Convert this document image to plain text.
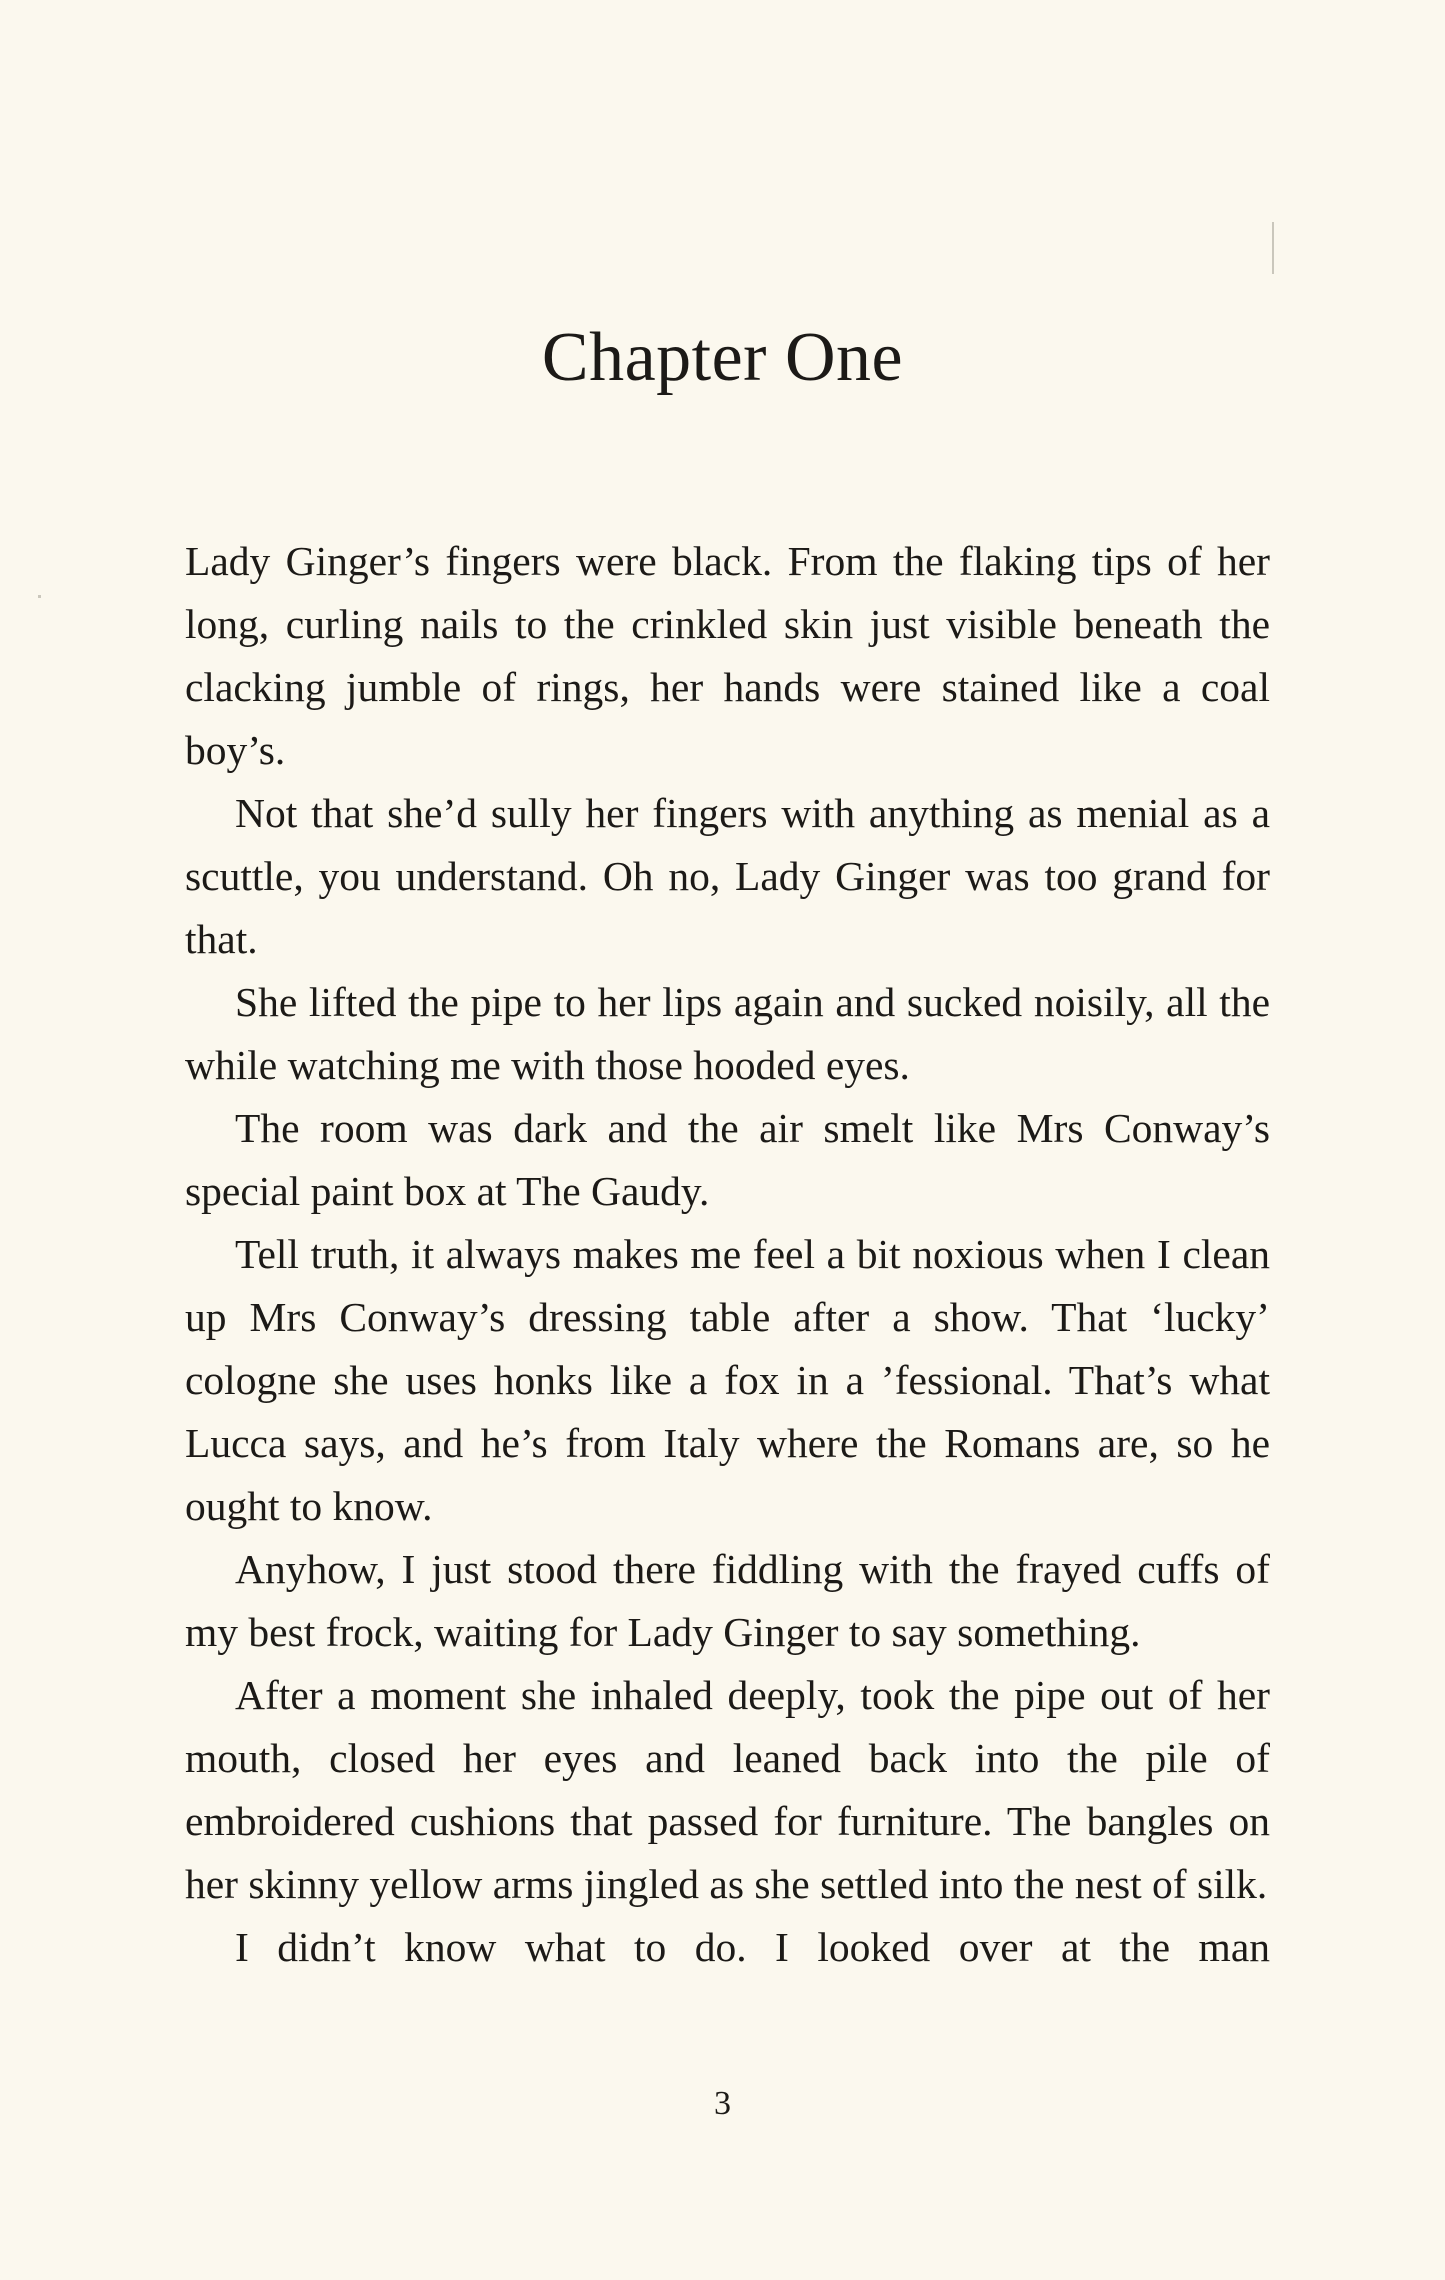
Chapter One

Lady Ginger’s fingers were black. From the flaking tips of her long, curling nails to the crinkled skin just visible beneath the clacking jumble of rings, her hands were stained like a coal boy’s.

Not that she’d sully her fingers with anything as menial as a scuttle, you understand. Oh no, Lady Ginger was too grand for that.

She lifted the pipe to her lips again and sucked noisily, all the while watching me with those hooded eyes.

The room was dark and the air smelt like Mrs Conway’s special paint box at The Gaudy.

Tell truth, it always makes me feel a bit noxious when I clean up Mrs Conway’s dressing table after a show. That ‘lucky’ cologne she uses honks like a fox in a ’fessional. That’s what Lucca says, and he’s from Italy where the Romans are, so he ought to know.

Anyhow, I just stood there fiddling with the frayed cuffs of my best frock, waiting for Lady Ginger to say something.

After a moment she inhaled deeply, took the pipe out of her mouth, closed her eyes and leaned back into the pile of embroidered cushions that passed for furniture. The bangles on her skinny yellow arms jingled as she settled into the nest of silk.

I didn’t know what to do. I looked over at the man

3
